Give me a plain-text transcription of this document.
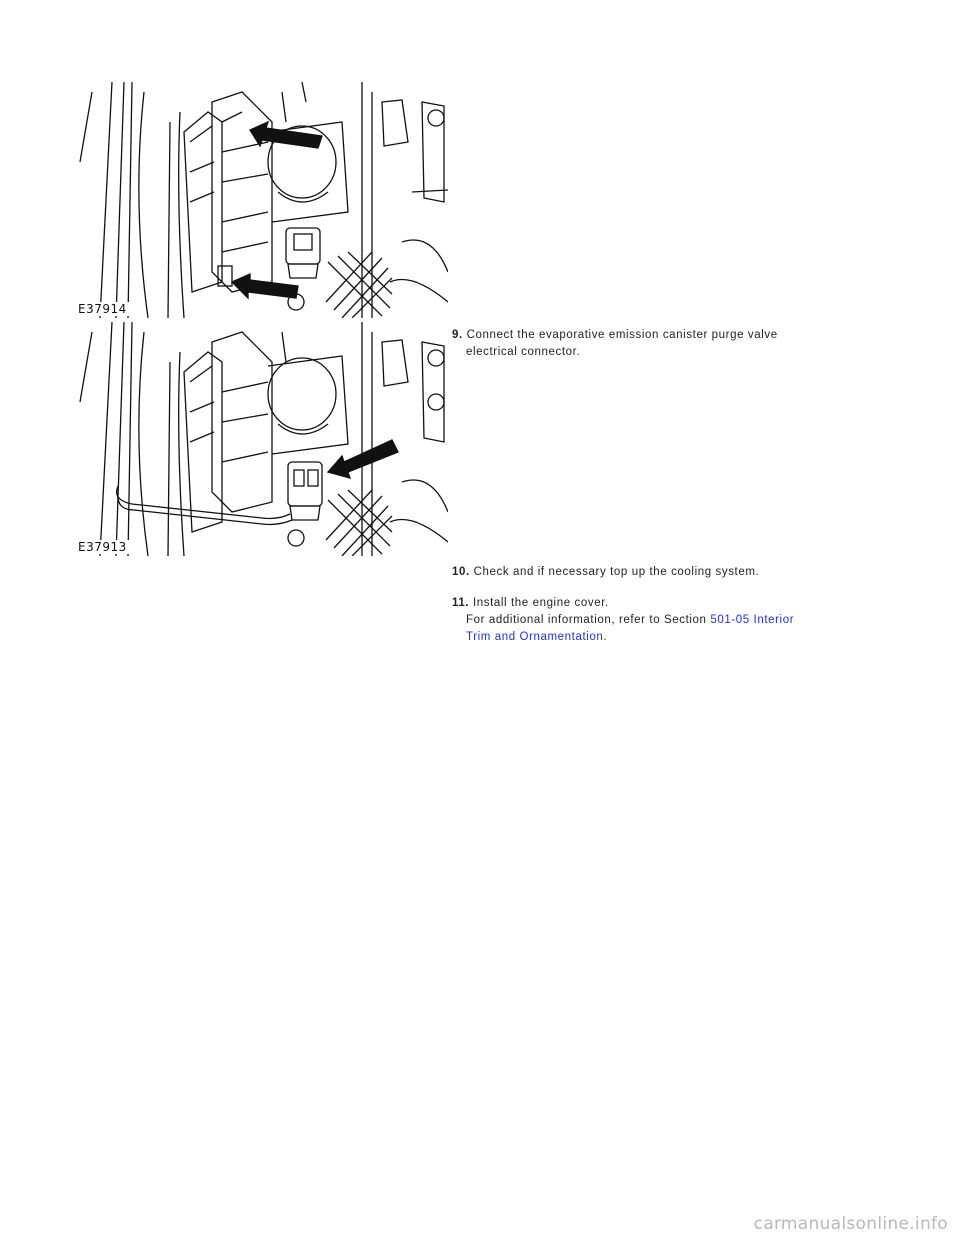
E37914
E37913
9. Connect the evaporative emission canister purge valve
electrical connector.
10. Check and if necessary top up the cooling system.
11. Install the engine cover.
For additional information, refer to Section 501-05 Interior
Trim and Ornamentation.
carmanualsonline.info
